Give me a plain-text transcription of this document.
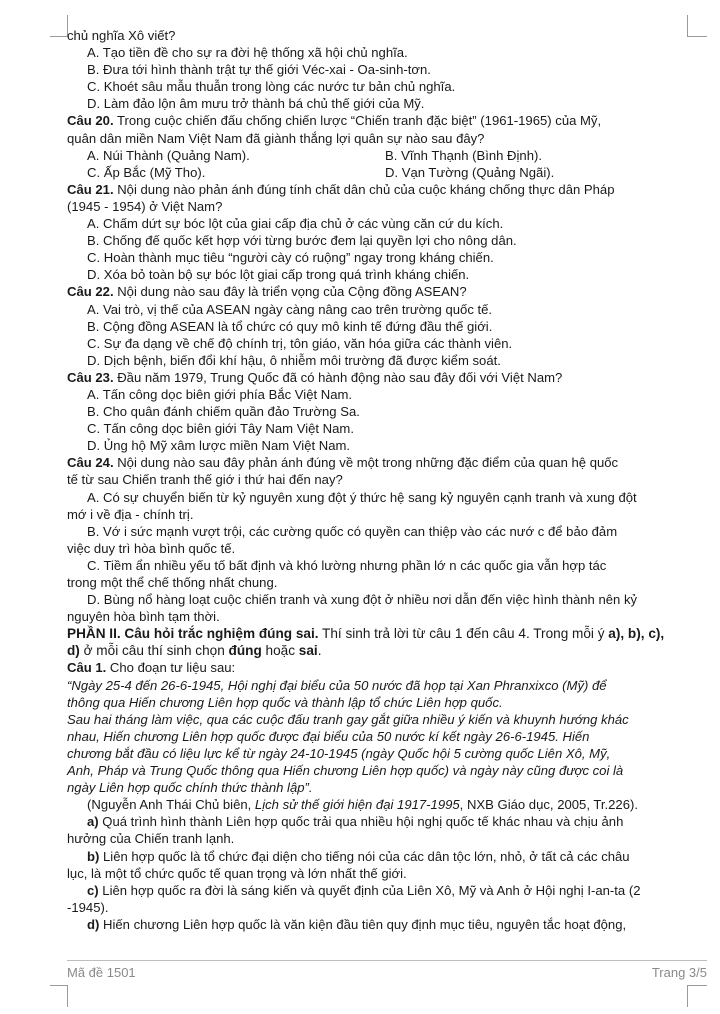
chủ nghĩa Xô viết?
A. Tạo tiền đề cho sự ra đời hệ thống xã hội chủ nghĩa.
B. Đưa tới hình thành trật tự thế giới Véc-xai - Oa-sinh-tơn.
C. Khoét sâu mẫu thuẫn trong lòng các nước tư bản chủ nghĩa.
D. Làm đảo lộn âm mưu trở thành bá chủ thế giới của Mỹ.
Câu 20. Trong cuộc chiến đấu chống chiến lược “Chiến tranh đặc biệt” (1961-1965) của Mỹ,
quân dân miền Nam Việt Nam đã giành thắng lợi quân sự nào sau đây?
A. Núi Thành (Quảng Nam).	B. Vĩnh Thạnh (Bình Định).
C. Ấp Bắc (Mỹ Tho).	D. Vạn Tường (Quảng Ngãi).
Câu 21. Nội dung nào phản ánh đúng tính chất dân chủ của cuộc kháng chống thực dân Pháp
(1945 - 1954) ở Việt Nam?
A. Chấm dứt sự bóc lột của giai cấp địa chủ ở các vùng căn cứ du kích.
B. Chống đế quốc kết hợp với từng bước đem lại quyền lợi cho nông dân.
C. Hoàn thành mục tiêu “người cày có ruộng” ngay trong kháng chiến.
D. Xóa bỏ toàn bộ sự bóc lột giai cấp trong quá trình kháng chiến.
Câu 22. Nội dung nào sau đây là triển vọng của Cộng đồng ASEAN?
A. Vai trò, vị thế của ASEAN ngày càng nâng cao trên trường quốc tế.
B. Cộng đồng ASEAN là tổ chức có quy mô kinh tế đứng đầu thế giới.
C. Sự đa dạng về chế độ chính trị, tôn giáo, văn hóa giữa các thành viên.
D. Dịch bệnh, biến đổi khí hậu, ô nhiễm môi trường đã được kiểm soát.
Câu 23. Đầu năm 1979, Trung Quốc đã có hành động nào sau đây đối với Việt Nam?
A. Tấn công dọc biên giới phía Bắc Việt Nam.
B. Cho quân đánh chiếm quần đảo Trường Sa.
C. Tấn công dọc biên giới Tây Nam Việt Nam.
D. Ủng hộ Mỹ xâm lược miền Nam Việt Nam.
Câu 24. Nội dung nào sau đây phản ánh đúng về một trong những đặc điểm của quan hệ quốc
tế từ sau Chiến tranh thế giớ i thứ hai đến nay?
A. Có sự chuyển biến từ kỷ nguyên xung đột ý thức hệ sang kỷ nguyên cạnh tranh và xung đột
mớ i về địa - chính trị.
B. Vớ i sức mạnh vượt trội, các cường quốc có quyền can thiệp vào các nướ c để bảo đảm
việc duy trì hòa bình quốc tế.
C. Tiềm ẩn nhiều yếu tố bất định và khó lường nhưng phần lớ n các quốc gia vẫn hợp tác
trong một thể chế thống nhất chung.
D. Bùng nổ hàng loạt cuộc chiến tranh và xung đột ở nhiều nơi dẫn đến việc hình thành nên kỷ
nguyên hòa bình tạm thời.
PHẦN II. Câu hỏi trắc nghiệm đúng sai. Thí sinh trả lời từ câu 1 đến câu 4. Trong mỗi ý a), b), c),
d) ở mỗi câu thí sinh chọn đúng hoặc sai.
Câu 1. Cho đoạn tư liệu sau:
“Ngày 25-4 đến 26-6-1945, Hội nghị đại biểu của 50 nước đã họp tại Xan Phranxixco (Mỹ) để
thông qua Hiến chương Liên hợp quốc và thành lập tổ chức Liên hợp quốc.
Sau hai tháng làm việc, qua các cuộc đấu tranh gay gắt giữa nhiều ý kiến và khuynh hướng khác
nhau, Hiến chương Liên hợp quốc được đại biểu của 50 nước kí kết ngày 26-6-1945. Hiến
chương bắt đầu có liệu lực kể từ ngày 24-10-1945 (ngày Quốc hội 5 cường quốc Liên Xô, Mỹ,
Anh, Pháp và Trung Quốc thông qua Hiến chương Liên hợp quốc) và ngày này cũng được coi là
ngày Liên hợp quốc chính thức thành lập”.
(Nguyễn Anh Thái Chủ biên, Lịch sử thế giới hiện đại 1917-1995, NXB Giáo dục, 2005, Tr.226).
a) Quá trình hình thành Liên hợp quốc trải qua nhiều hội nghị quốc tế khác nhau và chịu ảnh
hưởng của Chiến tranh lạnh.
b) Liên hợp quốc là tổ chức đại diện cho tiếng nói của các dân tộc lớn, nhỏ, ở tất cả các châu
lục, là một tổ chức quốc tế quan trọng và lớn nhất thế giới.
c) Liên hợp quốc ra đời là sáng kiến và quyết định của Liên Xô, Mỹ và Anh ở Hội nghị I-an-ta (2
-1945).
d) Hiến chương Liên hợp quốc là văn kiện đầu tiên quy định mục tiêu, nguyên tắc hoạt động,
Mã đề 1501	Trang 3/5
